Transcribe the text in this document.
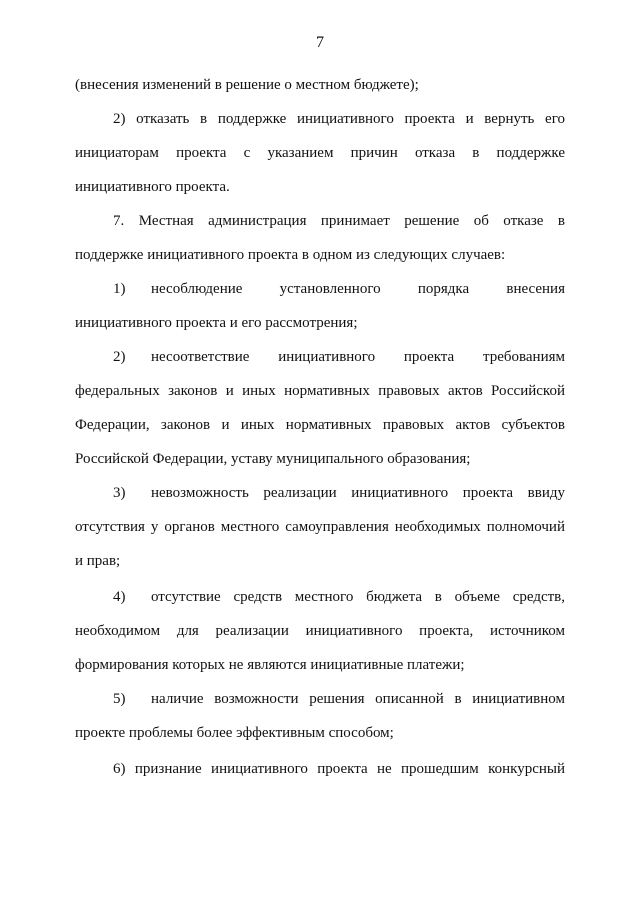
7
(внесения изменений в решение о местном бюджете);
2) отказать в поддержке инициативного проекта и вернуть его
инициаторам проекта с указанием причин отказа в поддержке
инициативного проекта.
7. Местная администрация принимает решение об отказе в
поддержке инициативного проекта в одном из следующих случаев:
1) несоблюдение установленного порядка внесения
инициативного проекта и его рассмотрения;
2) несоответствие инициативного проекта требованиям
федеральных законов и иных нормативных правовых актов Российской
Федерации, законов и иных нормативных правовых актов субъектов
Российской Федерации, уставу муниципального образования;
3) невозможность реализации инициативного проекта ввиду
отсутствия у органов местного самоуправления необходимых полномочий
и прав;
4) отсутствие средств местного бюджета в объеме средств,
необходимом для реализации инициативного проекта, источником
формирования которых не являются инициативные платежи;
5) наличие возможности решения описанной в инициативном
проекте проблемы более эффективным способом;
6) признание инициативного проекта не прошедшим конкурсный
